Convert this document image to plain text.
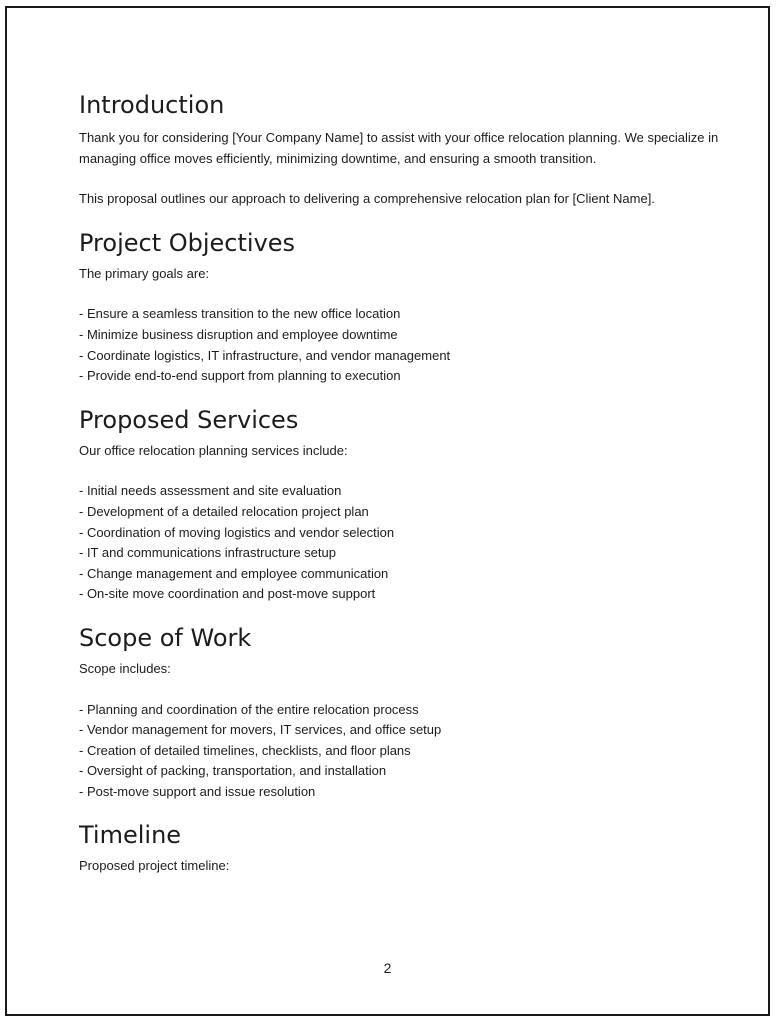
Introduction

Thank you for considering [Your Company Name] to assist with your office relocation planning. We specialize in managing office moves efficiently, minimizing downtime, and ensuring a smooth transition.

This proposal outlines our approach to delivering a comprehensive relocation plan for [Client Name].

Project Objectives

The primary goals are:

- Ensure a seamless transition to the new office location
- Minimize business disruption and employee downtime
- Coordinate logistics, IT infrastructure, and vendor management
- Provide end-to-end support from planning to execution
Proposed Services

Our office relocation planning services include:

- Initial needs assessment and site evaluation
- Development of a detailed relocation project plan
- Coordination of moving logistics and vendor selection
- IT and communications infrastructure setup
- Change management and employee communication
- On-site move coordination and post-move support
Scope of Work

Scope includes:

- Planning and coordination of the entire relocation process
- Vendor management for movers, IT services, and office setup
- Creation of detailed timelines, checklists, and floor plans
- Oversight of packing, transportation, and installation
- Post-move support and issue resolution
Timeline

Proposed project timeline:

2
